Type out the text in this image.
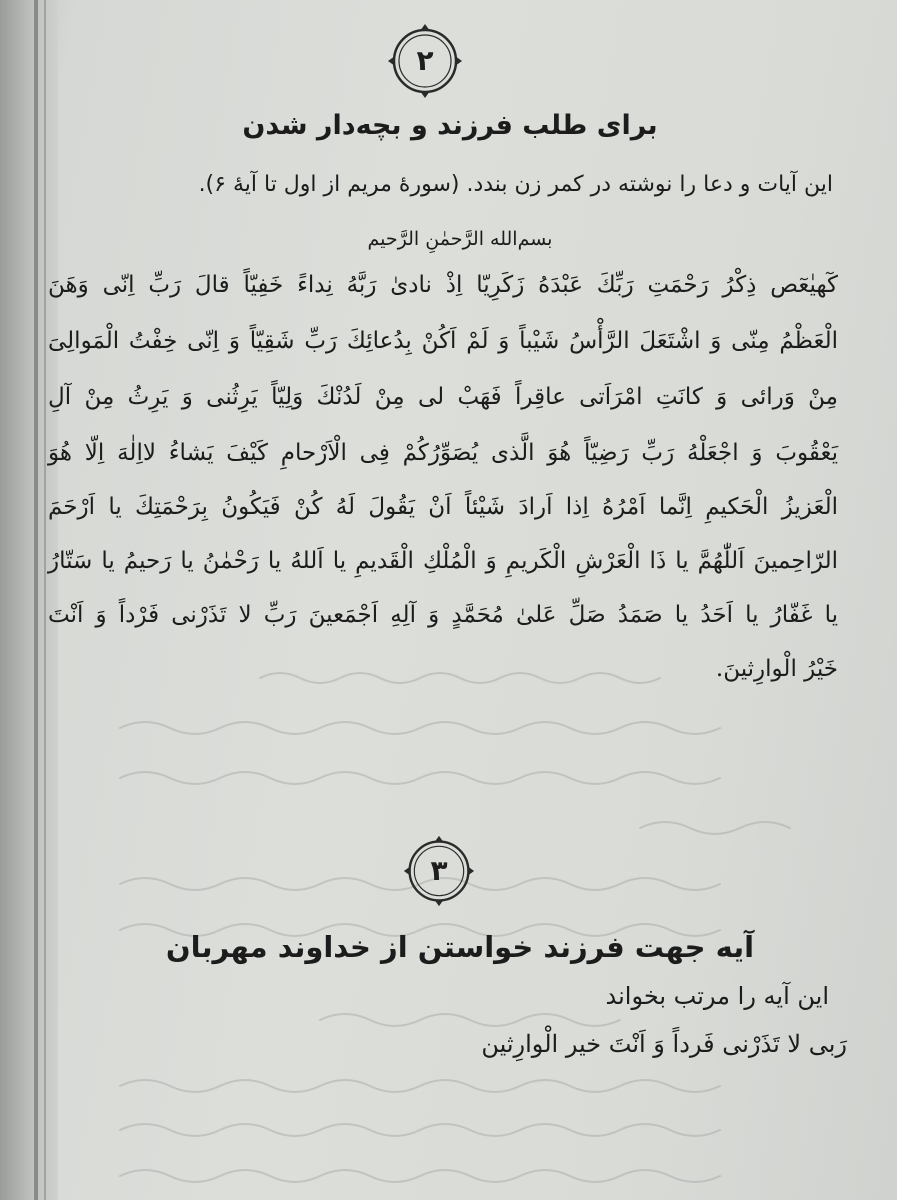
۲
برای طلب فرزند و بچه‌دار شدن
این آیات و دعا را نوشته در کمر زن بندد. (سورهٔ مریم از اول تا آیهٔ ۶).
بسم‌الله الرَّحمٰنِ الرَّحیم
کٓهیٰعٓص ذِکْرُ رَحْمَتِ رَبِّكَ عَبْدَهُ زَکَرِیّا اِذْ نادیٰ رَبَّهُ نِداءً خَفِیّاً قالَ رَبِّ اِنّی وَهَنَ
الْعَظْمُ مِنّی وَ اشْتَعَلَ الرَّأْسُ شَیْباً وَ لَمْ اَکُنْ بِدُعائِكَ رَبِّ شَقِیّاً وَ اِنّی خِفْتُ الْمَوالِیَ
مِنْ وَرائی وَ کانَتِ امْرَاَتی عاقِراً فَهَبْ لی مِنْ لَدُنْكَ وَلِیّاً یَرِثُنی وَ یَرِثُ مِنْ آلِ
یَعْقُوبَ وَ اجْعَلْهُ رَبِّ رَضِیّاً هُوَ الَّذی یُصَوِّرُکُمْ فِی الْاَرْحامِ کَیْفَ یَشاءُ لااِلٰهَ اِلّا هُوَ
الْعَزیزُ الْحَکیمِ اِنَّما اَمْرُهُ اِذا اَرادَ شَیْئاً اَنْ یَقُولَ لَهُ کُنْ فَیَکُونُ بِرَحْمَتِكَ یا اَرْحَمَ
الرّاحِمینَ اَللّٰهُمَّ یا ذَا الْعَرْشِ الْکَریمِ وَ الْمُلْكِ الْقَدیمِ یا اَللهُ یا رَحْمٰنُ یا رَحیمُ یا سَتّارُ
یا غَفّارُ یا اَحَدُ یا صَمَدُ صَلِّ عَلیٰ مُحَمَّدٍ وَ آلِهِ اَجْمَعینَ رَبِّ لا تَذَرْنی فَرْداً وَ اَنْتَ
خَیْرُ الْوارِثینَ.
۳
آیه جهت فرزند خواستن از خداوند مهربان
این آیه را مرتب بخواند
رَبی لا تَذَرْنی فَرداً وَ اَنْتَ خیر الْوارِثین
